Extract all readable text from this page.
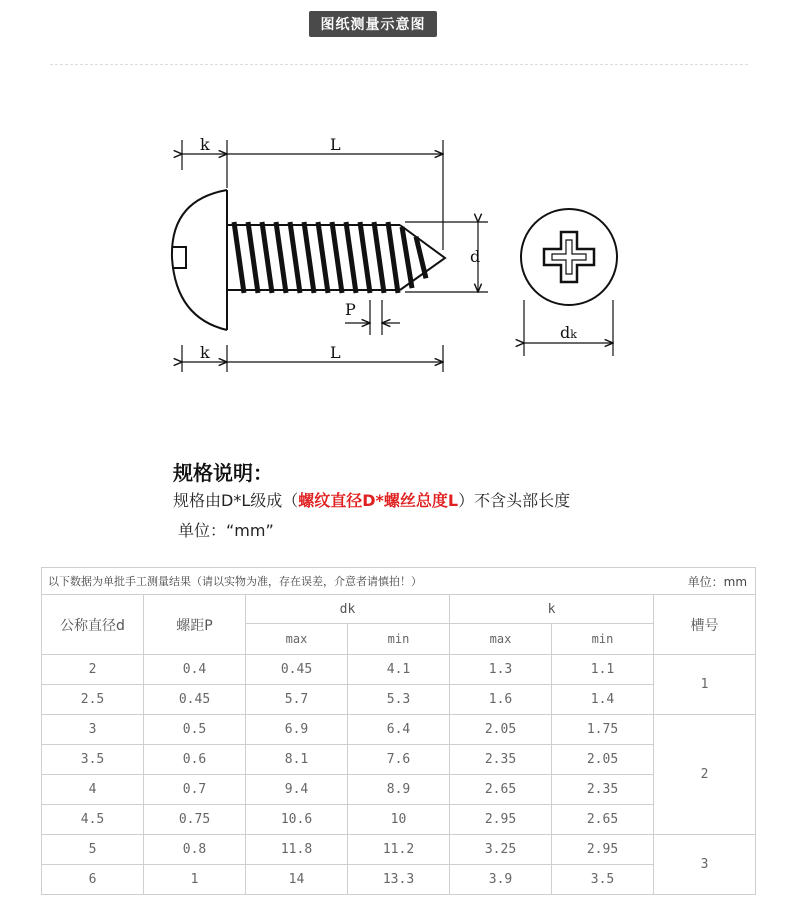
图纸测量示意图
k	L
d
P
k	L
dk
规格说明：
规格由D*L级成（螺纹直径D*螺丝总度L）不含头部长度
单位：“mm”
以下数据为单批手工测量结果（请以实物为准，存在误差，介意者请慎拍！） 单位：mm						

公称直径d	螺距P	dk		k		槽号
		max	min	max	min	
2	0.4	0.45	4.1	1.3	1.1	1
2.5	0.45	5.7	5.3	1.6	1.4	
3	0.5	6.9	6.4	2.05	1.75	2
3.5	0.6	8.1	7.6	2.35	2.05	
4	0.7	9.4	8.9	2.65	2.35	
4.5	0.75	10.6	10	2.95	2.65	
5	0.8	11.8	11.2	3.25	2.95	3
6	1	14	13.3	3.9	3.5	
